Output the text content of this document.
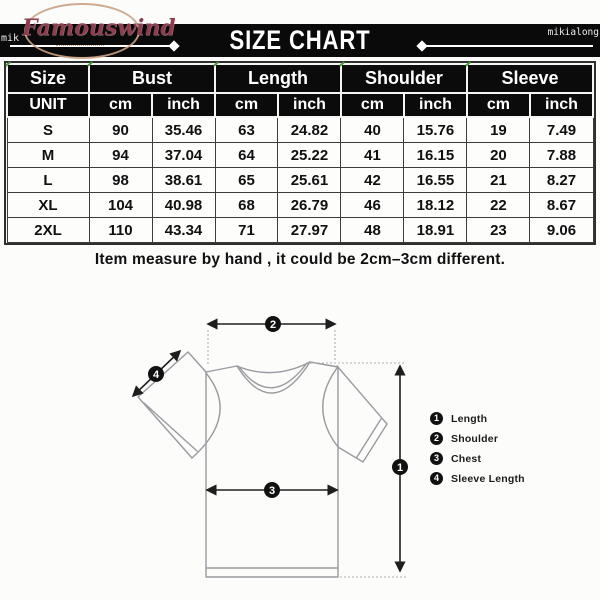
Famouswind
mik	SIZE CHART	mikialong
Size	Bust		Length		Shoulder		Sleeve	
UNIT	cm	inch	cm	inch	cm	inch	cm	inch
S	90	35.46	63	24.82	40	15.76	19	7.49
M	94	37.04	64	25.22	41	16.15	20	7.88
L	98	38.61	65	25.61	42	16.55	21	8.27
XL	104	40.98	68	26.79	46	18.12	22	8.67
2XL	110	43.34	71	27.97	48	18.91	23	9.06
Item measure by hand , it could be 2cm–3cm different.
1
2
3
4
1	Length
2	Shoulder
3	Chest
4	Sleeve Length
